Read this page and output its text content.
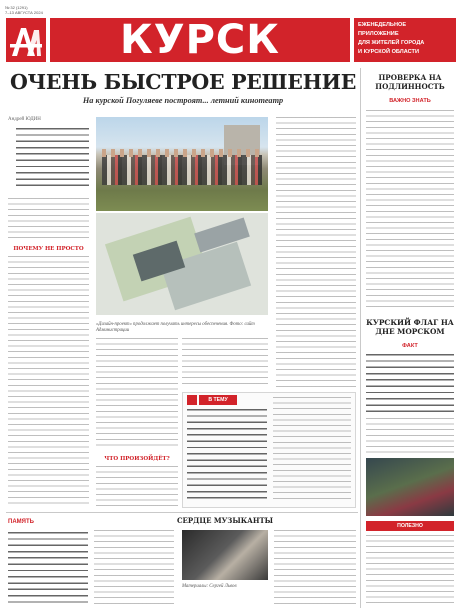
№ 32 (1291)
7–13 АВГУСТА 2024
КУРСК	ЕЖЕНЕДЕЛЬНОЕ
ПРИЛОЖЕНИЕ
ДЛЯ ЖИТЕЛЕЙ ГОРОДА
И КУРСКОЙ ОБЛАСТИ
ОЧЕНЬ БЫСТРОЕ РЕШЕНИЕ
На курской Погуляеве построят... летний кинотеатр
Андрей ЮДИН
ПОЧЕМУ НЕ ПРОСТО
«Дизайн-проект» продолжает получать интересы обеспечения. Фото: сайт Администрации
ЧТО ПРОИЗОЙДЁТ?
В ТЕМУ
ПРОВЕРКА НА ПОДЛИННОСТЬ
ВАЖНО ЗНАТЬ
КУРСКИЙ ФЛАГ НА ДНЕ МОРСКОМ
ФАКТ
ПОЛЕЗНО
ПАМЯТЬ	СЕРДЦЕ МУЗЫКАНТЫ
Материалы: Сергей Львов
